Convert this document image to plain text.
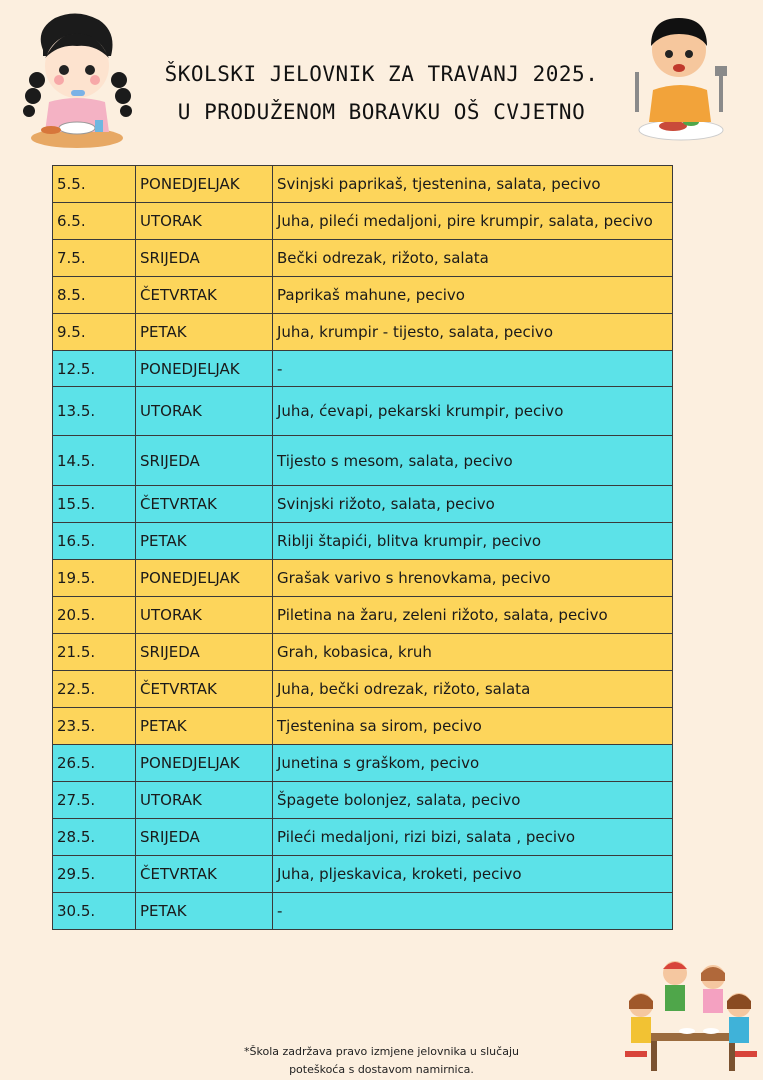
ŠKOLSKI JELOVNIK ZA TRAVANJ 2025.
U PRODUŽENOM BORAVKU OŠ CVJETNO
5.5.	PONEDJELJAK	Svinjski paprikaš, tjestenina, salata, pecivo
6.5.	UTORAK	Juha, pileći medaljoni, pire krumpir, salata, pecivo
7.5.	SRIJEDA	Bečki odrezak, rižoto, salata
8.5.	ČETVRTAK	Paprikaš mahune, pecivo
9.5.	PETAK	Juha, krumpir - tijesto, salata, pecivo
12.5.	PONEDJELJAK	-
13.5.	UTORAK	Juha, ćevapi, pekarski krumpir, pecivo
14.5.	SRIJEDA	Tijesto s mesom, salata, pecivo
15.5.	ČETVRTAK	Svinjski rižoto, salata, pecivo
16.5.	PETAK	Riblji štapići, blitva krumpir, pecivo
19.5.	PONEDJELJAK	Grašak varivo s hrenovkama, pecivo
20.5.	UTORAK	Piletina na žaru, zeleni rižoto, salata, pecivo
21.5.	SRIJEDA	Grah, kobasica, kruh
22.5.	ČETVRTAK	Juha, bečki odrezak, rižoto, salata
23.5.	PETAK	Tjestenina sa sirom, pecivo
26.5.	PONEDJELJAK	Junetina s graškom, pecivo
27.5.	UTORAK	Špagete bolonjez, salata, pecivo
28.5.	SRIJEDA	Pileći medaljoni, rizi bizi, salata , pecivo
29.5.	ČETVRTAK	Juha, pljeskavica, kroketi, pecivo
30.5.	PETAK	-
*Škola zadržava pravo izmjene jelovnika u slučaju
poteškoća s dostavom namirnica.
